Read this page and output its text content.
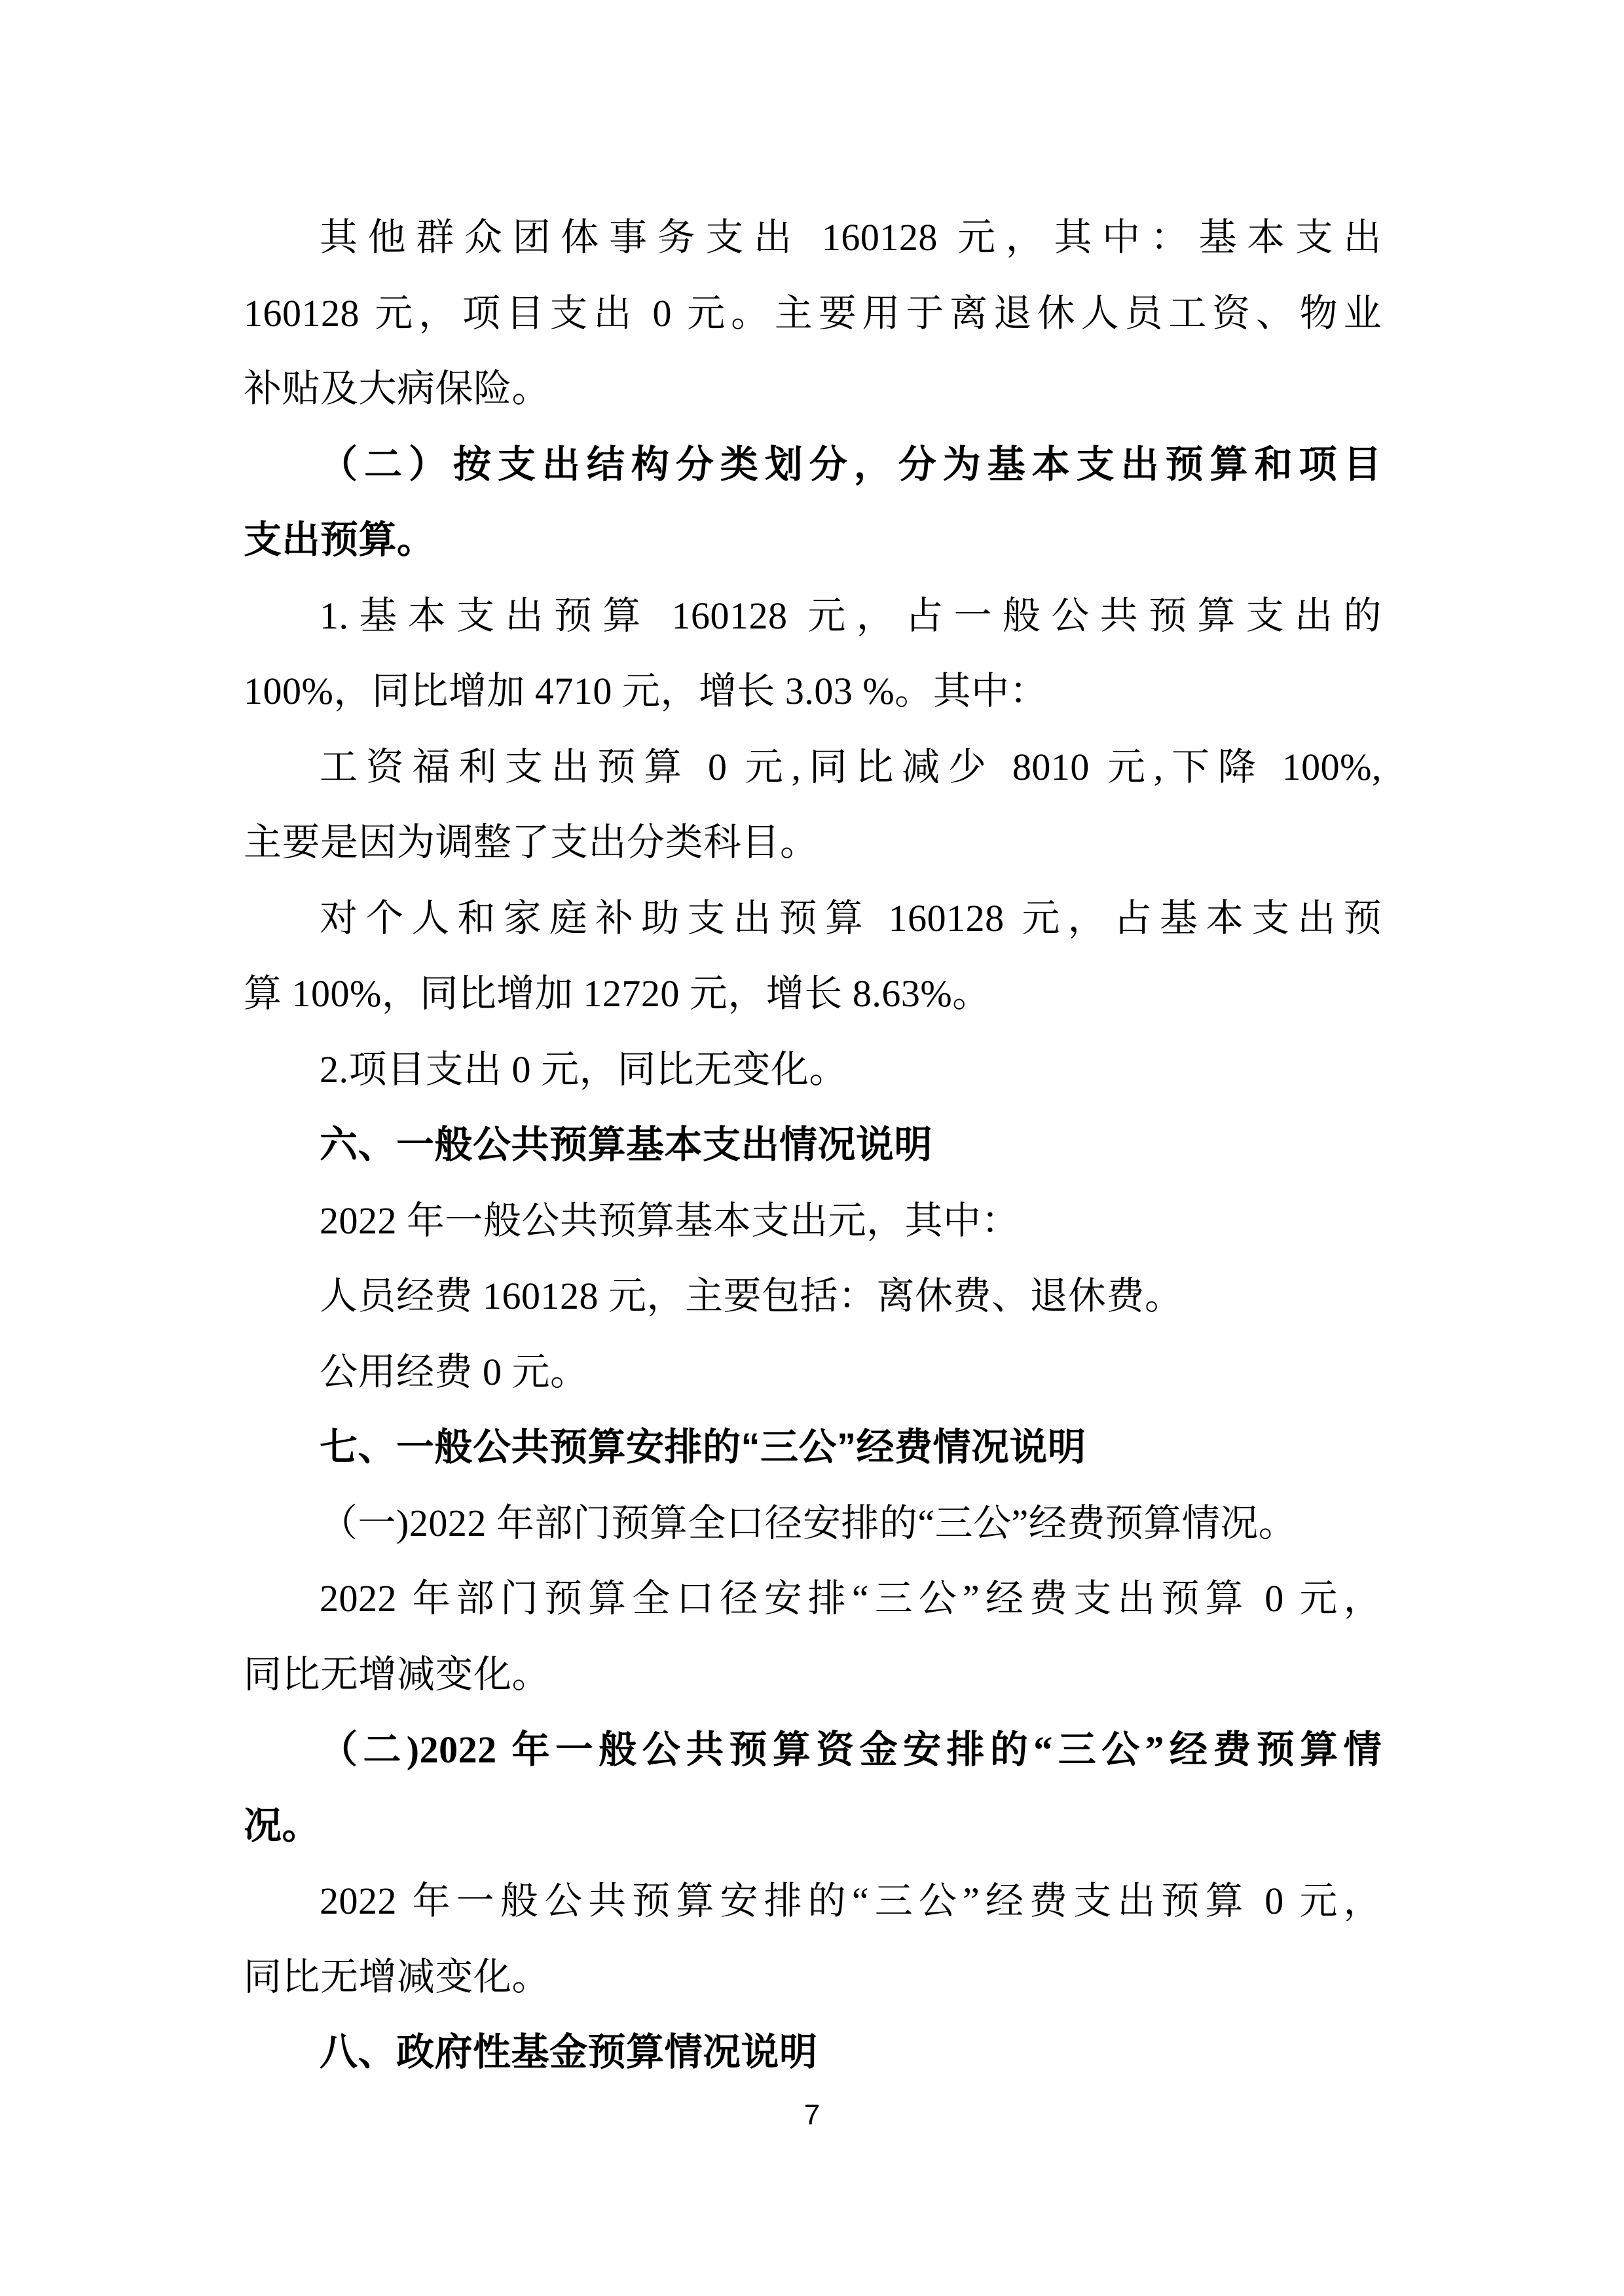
其他群众团体事务支出 160128 元，其中：基本支出
160128 元，项目支出 0 元。主要用于离退休人员工资、物业
补贴及大病保险。
（二）按支出结构分类划分，分为基本支出预算和项目
支出预算。
1.基本支出预算 160128 元，占一般公共预算支出的
100%，同比增加 4710 元，增长 3.03 %。其中：
工资福利支出预算 0 元,同比减少 8010 元,下降 100%,
主要是因为调整了支出分类科目。
对个人和家庭补助支出预算 160128 元，占基本支出预
算 100%，同比增加 12720 元，增长 8.63%。
2.项目支出 0 元，同比无变化。
六、一般公共预算基本支出情况说明
2022 年一般公共预算基本支出元，其中：
人员经费 160128 元，主要包括：离休费、退休费。
公用经费 0 元。
七、一般公共预算安排的“三公”经费情况说明
（一)2022 年部门预算全口径安排的“三公”经费预算情况。
2022 年部门预算全口径安排“三公”经费支出预算 0 元，
同比无增减变化。
（二)2022 年一般公共预算资金安排的“三公”经费预算情
况。
2022 年一般公共预算安排的“三公”经费支出预算 0 元，
同比无增减变化。
八、政府性基金预算情况说明
7
